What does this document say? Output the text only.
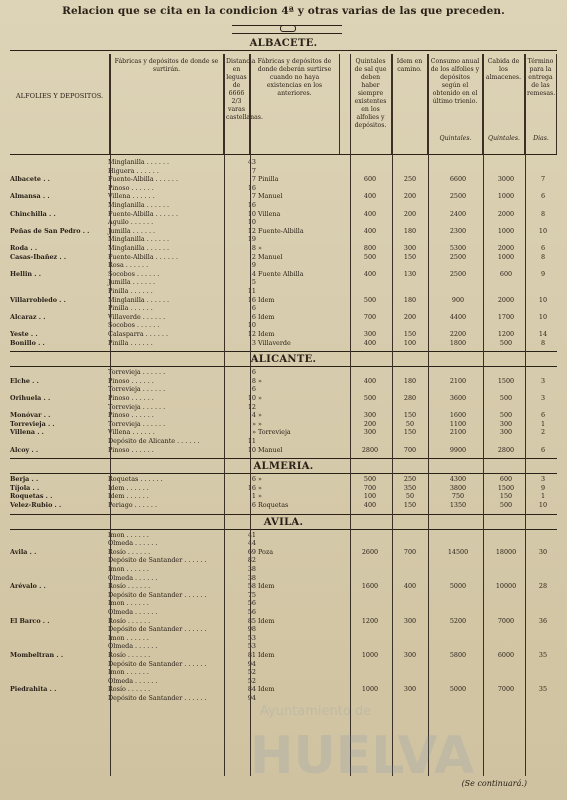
Relacion que se cita en la condicion 4ª y otras varias de las que preceden.
ALBACETE.
ALFOLIES Y DEPOSITOS.
Fábricas y depósitos de donde se surtirán.
Distancia en leguas de 6666 2/3 varas castellanas.
Fábricas y depósitos de donde deberán surtirse cuando no haya existencias en los anteriores.
Quintales de sal que deben haber siempre existentes en los alfolies y depósitos.
Idem en camino.
Consumo anual de los alfolies y depósitos según el obtenido en el último trienio.
Cabida de los almacenes.
Término para la entrega de las remesas.
Quintales.	Quintales.	Dias.
Minglanilla . . . . . .	43
Higuera . . . . . .	7
Albacete . .	Fuente-Albilla . . . . . .	7 Pinilla	600	250	6600	3000	7
Pinoso . . . . . .	16
Almansa . .	Villena . . . . . .	7 Manuel	400	200	2500	1000	6
Minglanilla . . . . . .	16
Chinchilla . .	Fuente-Albilla . . . . . .	10 Villena	400	200	2400	2000	8
Aguilo . . . . . .	10
Peñas de San Pedro . .	Jumilla . . . . . .	12 Fuente-Albilla	400	180	2300	1000	10
Minglanilla . . . . . .	19
Roda . .	Minglanilla . . . . . .	8 »	800	300	5300	2000	6
Casas-Ibañez . .	Fuente-Albilla . . . . . .	2 Manuel	500	150	2500	1000	8
Rosa . . . . . .	9
Hellin . .	Socobos . . . . . .	4 Fuente Albilla	400	130	2500	600	9
Jumilla . . . . . .	5
Pinilla . . . . . .	11
Villarrobledo . .	Minglanilla . . . . . .	16 Idem	500	180	900	2000	10
Pinilla . . . . . .	6
Alcaraz . .	Villaverde . . . . . .	6 Idem	700	200	4400	1700	10
Socobos . . . . . .	10
Yeste . .	Calasparra . . . . . .	12 Idem	300	150	2200	1200	14
Bonillo . .	Pinilla . . . . . .	3 Villaverde	400	100	1800	500	8
ALICANTE.
Torrevieja . . . . . .	6
Elche . .	Pinoso . . . . . .	8 »	400	180	2100	1500	3
Torrevieja . . . . . .	6
Orihuela . .	Pinoso . . . . . .	10 »	500	280	3600	500	3
Torrevieja . . . . . .	12
Monóvar . .	Pinoso . . . . . .	4 »	300	150	1600	500	6
Torrevieja . .	Torrevieja . . . . . .	» »	200	50	1100	300	1
Villena . .	Villena . . . . . .	» Torrevieja	300	150	2100	300	2
Depósito de Alicante . . . . . .	11
Alcoy . .	Pinoso . . . . . .	10 Manuel	2800	700	9900	2800	6
ALMERIA.
Berja . .	Roquetas . . . . . .	6 »	500	250	4300	600	3
Tíjola . .	Idem . . . . . .	16 »	700	350	3800	1500	9
Roquetas . .	Idem . . . . . .	1 »	100	50	750	150	1
Velez-Rubio . .	Periago . . . . . .	6 Roquetas	400	150	1350	500	10
AVILA.
Imon . . . . . .	41
Olmeda . . . . . .	44
Avila . .	Rosío . . . . . .	69 Poza	2600	700	14500	18000	30
Depósito de Santander . . . . . .	82
Imon . . . . . .	38
Olmeda . . . . . .	38
Arévalo . .	Rosío . . . . . .	58 Idem	1600	400	5000	10000	28
Depósito de Santander . . . . . .	75
Imon . . . . . .	56
Olmeda . . . . . .	56
El Barco . .	Rosío . . . . . .	85 Idem	1200	300	5200	7000	36
Depósito de Santander . . . . . .	98
Imon . . . . . .	53
Olmeda . . . . . .	53
Mombeltran . .	Rosío . . . . . .	81 Idem	1000	300	5800	6000	35
Depósito de Santander . . . . . .	94
Imon . . . . . .	52
Olmeda . . . . . .	52
Piedrahita . .	Rosío . . . . . .	84 Idem	1000	300	5000	7000	35
Depósito de Santander . . . . . .	94
(Se continuará.)
Ayuntamiento de
HUELVA
